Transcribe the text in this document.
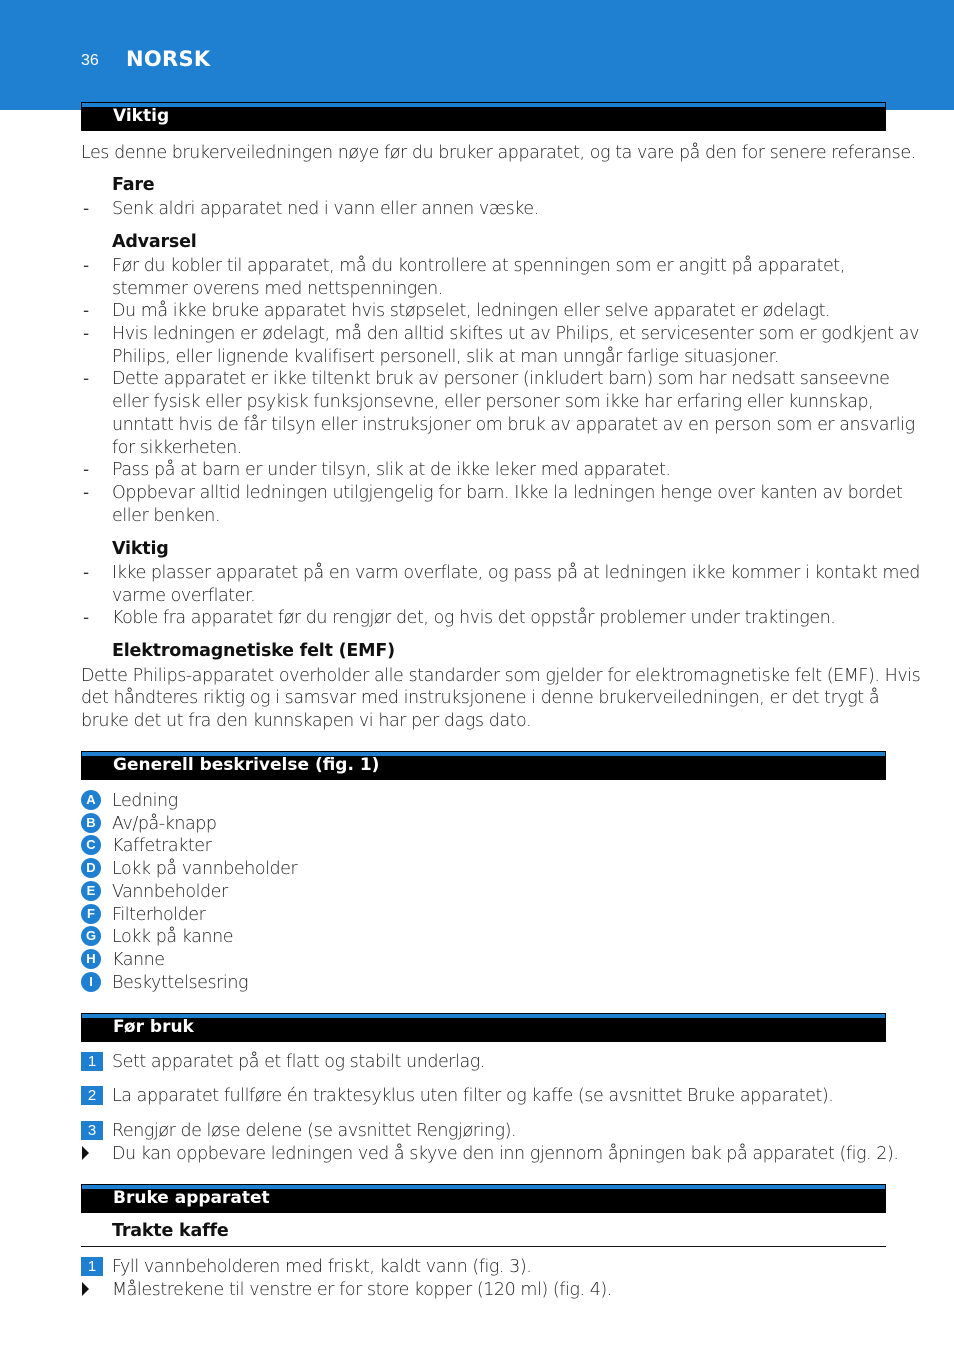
36 NORSK
Viktig
Les denne brukerveiledningen nøye før du bruker apparatet, og ta vare på den for senere referanse.
Fare
- Senk aldri apparatet ned i vann eller annen væske.
Advarsel
- Før du kobler til apparatet, må du kontrollere at spenningen som er angitt på apparatet,
stemmer overens med nettspenningen.
- Du må ikke bruke apparatet hvis støpselet, ledningen eller selve apparatet er ødelagt.
- Hvis ledningen er ødelagt, må den alltid skiftes ut av Philips, et servicesenter som er godkjent av
Philips, eller lignende kvalifisert personell, slik at man unngår farlige situasjoner.
- Dette apparatet er ikke tiltenkt bruk av personer (inkludert barn) som har nedsatt sanseevne
eller fysisk eller psykisk funksjonsevne, eller personer som ikke har erfaring eller kunnskap,
unntatt hvis de får tilsyn eller instruksjoner om bruk av apparatet av en person som er ansvarlig
for sikkerheten.
- Pass på at barn er under tilsyn, slik at de ikke leker med apparatet.
- Oppbevar alltid ledningen utilgjengelig for barn. Ikke la ledningen henge over kanten av bordet
eller benken.
Viktig
- Ikke plasser apparatet på en varm overflate, og pass på at ledningen ikke kommer i kontakt med
varme overflater.
- Koble fra apparatet før du rengjør det, og hvis det oppstår problemer under traktingen.
Elektromagnetiske felt (EMF)
Dette Philips-apparatet overholder alle standarder som gjelder for elektromagnetiske felt (EMF). Hvis
det håndteres riktig og i samsvar med instruksjonene i denne brukerveiledningen, er det trygt å
bruke det ut fra den kunnskapen vi har per dags dato.
Generell beskrivelse (fig. 1)
A Ledning
B Av/på-knapp
C Kaffetrakter
D Lokk på vannbeholder
E Vannbeholder
F Filterholder
G Lokk på kanne
H Kanne
I	Beskyttelsesring
Før bruk
1 Sett apparatet på et flatt og stabilt underlag.
2 La apparatet fullføre én traktesyklus uten filter og kaffe (se avsnittet Bruke apparatet).
3 Rengjør de løse delene (se avsnittet Rengjøring).
Du kan oppbevare ledningen ved å skyve den inn gjennom åpningen bak på apparatet (fig. 2).
Bruke apparatet
Trakte kaffe
1 Fyll vannbeholderen med friskt, kaldt vann (fig. 3).
Målestrekene til venstre er for store kopper (120 ml) (fig. 4).
